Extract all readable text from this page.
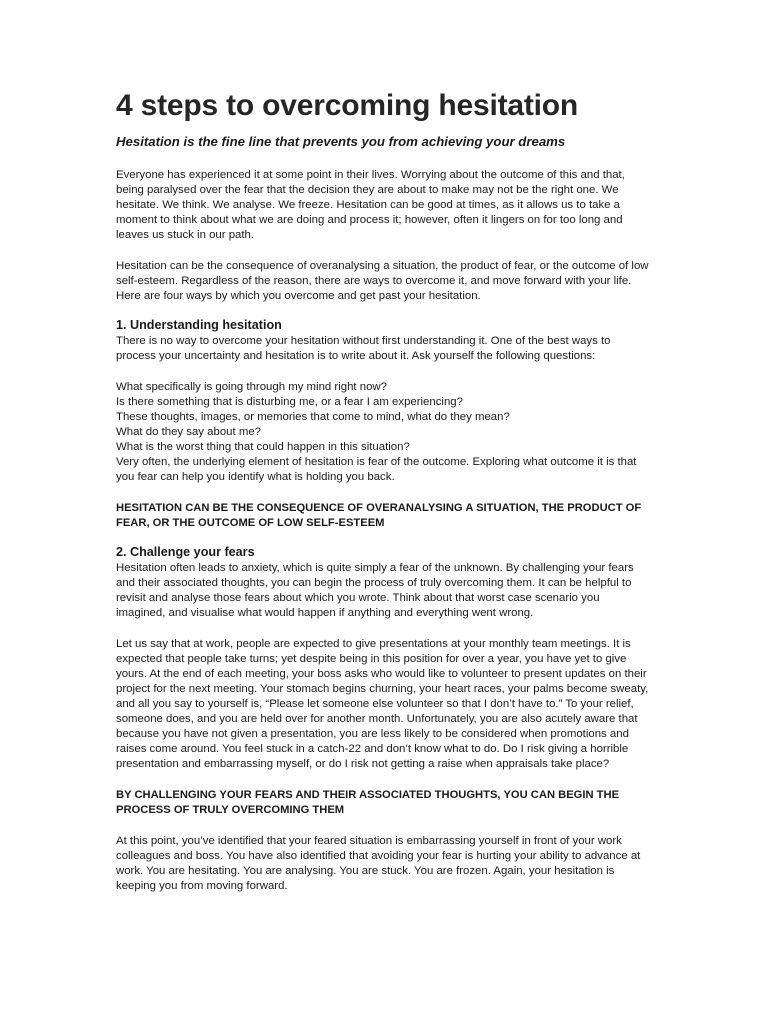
4 steps to overcoming hesitation
Hesitation is the fine line that prevents you from achieving your dreams

Everyone has experienced it at some point in their lives. Worrying about the outcome of this and that, being paralysed over the fear that the decision they are about to make may not be the right one. We hesitate. We think. We analyse. We freeze. Hesitation can be good at times, as it allows us to take a moment to think about what we are doing and process it; however, often it lingers on for too long and leaves us stuck in our path.

Hesitation can be the consequence of overanalysing a situation, the product of fear, or the outcome of low self-esteem. Regardless of the reason, there are ways to overcome it, and move forward with your life. Here are four ways by which you overcome and get past your hesitation.

1. Understanding hesitation

There is no way to overcome your hesitation without first understanding it. One of the best ways to process your uncertainty and hesitation is to write about it. Ask yourself the following questions:

What specifically is going through my mind right now?

Is there something that is disturbing me, or a fear I am experiencing?

These thoughts, images, or memories that come to mind, what do they mean?

What do they say about me?

What is the worst thing that could happen in this situation?

Very often, the underlying element of hesitation is fear of the outcome. Exploring what outcome it is that you fear can help you identify what is holding you back.

HESITATION CAN BE THE CONSEQUENCE OF OVERANALYSING A SITUATION, THE PRODUCT OF FEAR, OR THE OUTCOME OF LOW SELF-ESTEEM
2. Challenge your fears

Hesitation often leads to anxiety, which is quite simply a fear of the unknown. By challenging your fears and their associated thoughts, you can begin the process of truly overcoming them. It can be helpful to revisit and analyse those fears about which you wrote. Think about that worst case scenario you imagined, and visualise what would happen if anything and everything went wrong.

Let us say that at work, people are expected to give presentations at your monthly team meetings. It is expected that people take turns; yet despite being in this position for over a year, you have yet to give yours. At the end of each meeting, your boss asks who would like to volunteer to present updates on their project for the next meeting. Your stomach begins churning, your heart races, your palms become sweaty, and all you say to yourself is, “Please let someone else volunteer so that I don’t have to.” To your relief, someone does, and you are held over for another month. Unfortunately, you are also acutely aware that because you have not given a presentation, you are less likely to be considered when promotions and raises come around. You feel stuck in a catch-22 and don’t know what to do. Do I risk giving a horrible presentation and embarrassing myself, or do I risk not getting a raise when appraisals take place?

BY CHALLENGING YOUR FEARS AND THEIR ASSOCIATED THOUGHTS, YOU CAN BEGIN THE PROCESS OF TRULY OVERCOMING THEM

At this point, you’ve identified that your feared situation is embarrassing yourself in front of your work colleagues and boss. You have also identified that avoiding your fear is hurting your ability to advance at work. You are hesitating. You are analysing. You are stuck. You are frozen. Again, your hesitation is keeping you from moving forward.
